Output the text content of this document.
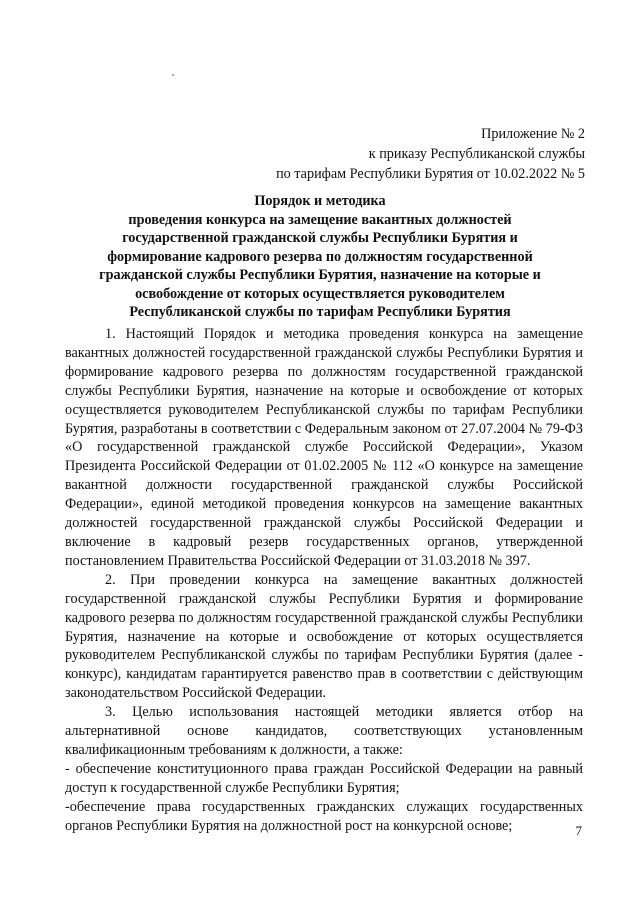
Приложение № 2
к приказу Республиканской службы
по тарифам Республики Бурятия от 10.02.2022 № 5
Порядок и методика
проведения конкурса на замещение вакантных должностей
государственной гражданской службы Республики Бурятия и
формирование кадрового резерва по должностям государственной
гражданской службы Республики Бурятия, назначение на которые и
освобождение от которых осуществляется руководителем
Республиканской службы по тарифам Республики Бурятия

1. Настоящий Порядок и методика проведения конкурса на замещение вакантных должностей государственной гражданской службы Республики Бурятия и формирование кадрового резерва по должностям государственной гражданской службы Республики Бурятия, назначение на которые и освобождение от которых осуществляется руководителем Республиканской службы по тарифам Республики Бурятия, разработаны в соответствии с Федеральным законом от 27.07.2004 № 79-ФЗ «О государственной гражданской службе Российской Федерации», Указом Президента Российской Федерации от 01.02.2005 № 112 «О конкурсе на замещение вакантной должности государственной гражданской службы Российской Федерации», единой методикой проведения конкурсов на замещение вакантных должностей государственной гражданской службы Российской Федерации и включение в кадровый резерв государственных органов, утвержденной постановлением Правительства Российской Федерации от 31.03.2018 № 397.

2. При проведении конкурса на замещение вакантных должностей государственной гражданской службы Республики Бурятия и формирование кадрового резерва по должностям государственной гражданской службы Республики Бурятия, назначение на которые и освобождение от которых осуществляется руководителем Республиканской службы по тарифам Республики Бурятия (далее - конкурс), кандидатам гарантируется равенство прав в соответствии с действующим законодательством Российской Федерации.

3. Целью использования настоящей методики является отбор на альтернативной основе кандидатов, соответствующих установленным квалификационным требованиям к должности, а также:

- обеспечение конституционного права граждан Российской Федерации на равный доступ к государственной службе Республики Бурятия;

-обеспечение права государственных гражданских служащих государственных органов Республики Бурятия на должностной рост на конкурсной основе;	7
